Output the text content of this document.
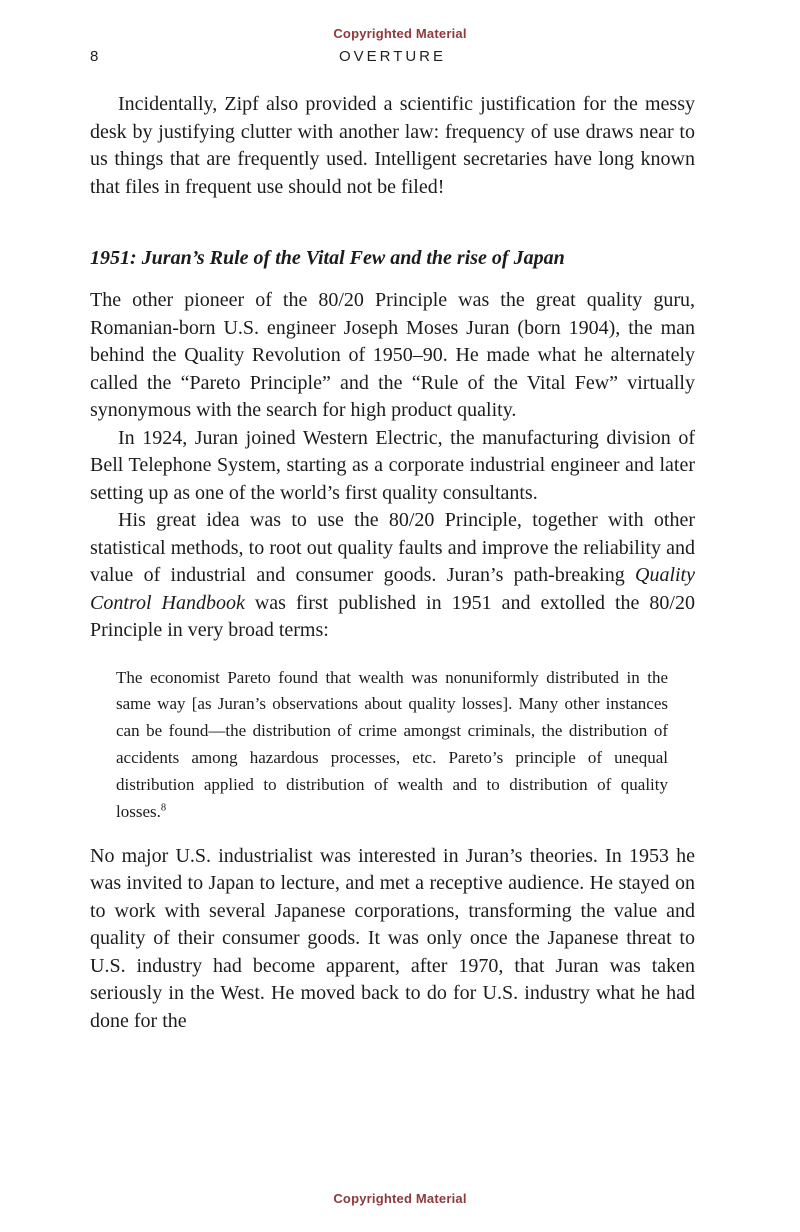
Copyrighted Material
8	OVERTURE

Incidentally, Zipf also provided a scientific justification for the messy desk by justifying clutter with another law: frequency of use draws near to us things that are frequently used. Intelligent secretaries have long known that files in frequent use should not be filed!

1951: Juran’s Rule of the Vital Few and the rise of Japan

The other pioneer of the 80/20 Principle was the great quality guru, Romanian-born U.S. engineer Joseph Moses Juran (born 1904), the man behind the Quality Revolution of 1950–90. He made what he alternately called the “Pareto Principle” and the “Rule of the Vital Few” virtually synonymous with the search for high product quality.

In 1924, Juran joined Western Electric, the manufacturing division of Bell Telephone System, starting as a corporate industrial engineer and later setting up as one of the world’s first quality consultants.

His great idea was to use the 80/20 Principle, together with other statistical methods, to root out quality faults and improve the reliability and value of industrial and consumer goods. Juran’s path-breaking Quality Control Handbook was first published in 1951 and extolled the 80/20 Principle in very broad terms:

The economist Pareto found that wealth was nonuniformly distributed in the same way [as Juran’s observations about quality losses]. Many other instances can be found—the distribution of crime amongst criminals, the distribution of accidents among hazardous processes, etc. Pareto’s principle of unequal distribution applied to distribution of wealth and to distribution of quality losses.$^8$

No major U.S. industrialist was interested in Juran’s theories. In 1953 he was invited to Japan to lecture, and met a receptive audience. He stayed on to work with several Japanese corporations, transforming the value and quality of their consumer goods. It was only once the Japanese threat to U.S. industry had become apparent, after 1970, that Juran was taken seriously in the West. He moved back to do for U.S. industry what he had done for the

Copyrighted Material
